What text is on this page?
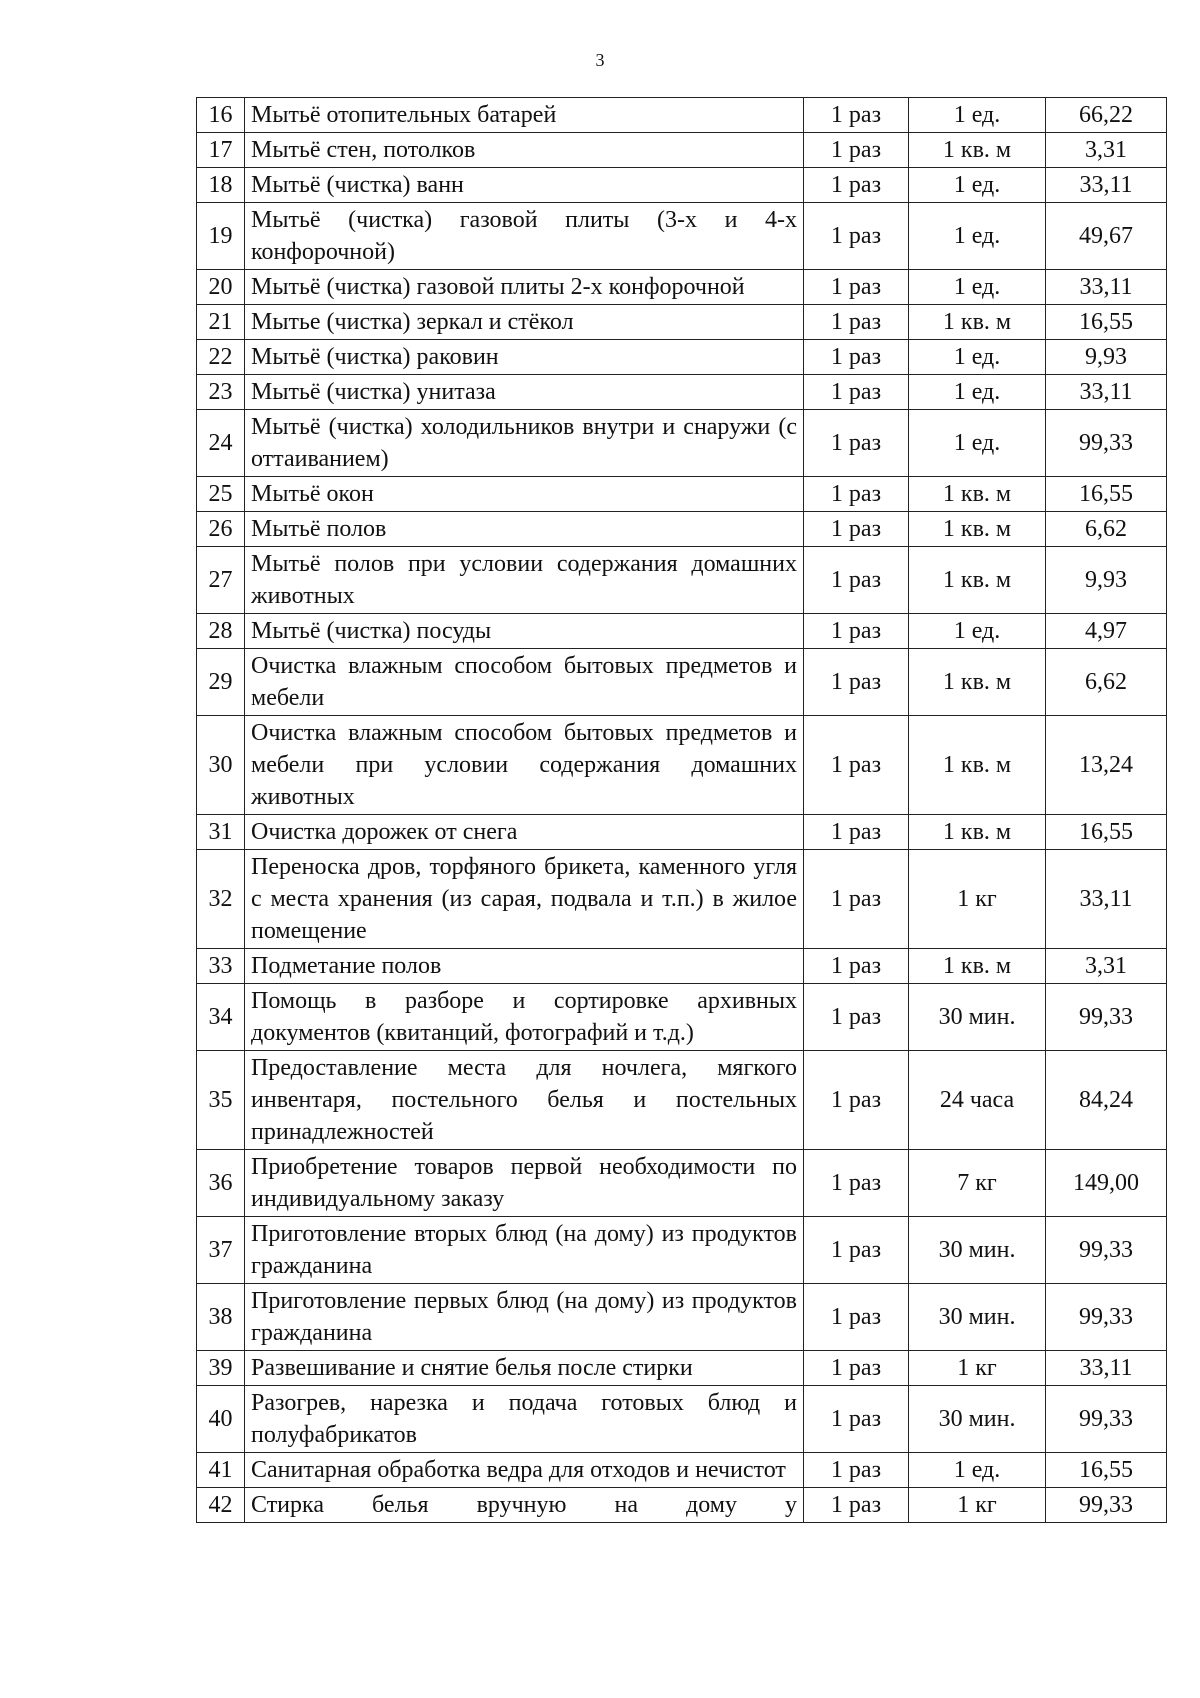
3
16	Мытьё отопительных батарей	1 раз	1 ед.	66,22
17	Мытьё стен, потолков	1 раз	1 кв. м	3,31
18	Мытьё (чистка) ванн	1 раз	1 ед.	33,11
19	Мытьё (чистка) газовой плиты (3-х и 4-х конфорочной)	1 раз	1 ед.	49,67
20	Мытьё (чистка) газовой плиты 2-х конфорочной	1 раз	1 ед.	33,11
21	Мытье (чистка) зеркал и стёкол	1 раз	1 кв. м	16,55
22	Мытьё (чистка) раковин	1 раз	1 ед.	9,93
23	Мытьё (чистка) унитаза	1 раз	1 ед.	33,11
24	Мытьё (чистка) холодильников внутри и снаружи (с оттаиванием)	1 раз	1 ед.	99,33
25	Мытьё окон	1 раз	1 кв. м	16,55
26	Мытьё полов	1 раз	1 кв. м	6,62
27	Мытьё полов при условии содержания домашних животных	1 раз	1 кв. м	9,93
28	Мытьё (чистка) посуды	1 раз	1 ед.	4,97
29	Очистка влажным способом бытовых предметов и мебели	1 раз	1 кв. м	6,62
30	Очистка влажным способом бытовых предметов и мебели при условии содержания домашних животных	1 раз	1 кв. м	13,24
31	Очистка дорожек от снега	1 раз	1 кв. м	16,55
32	Переноска дров, торфяного брикета, каменного угля с места хранения (из сарая, подвала и т.п.) в жилое помещение	1 раз	1 кг	33,11
33	Подметание полов	1 раз	1 кв. м	3,31
34	Помощь в разборе и сортировке архивных документов (квитанций, фотографий и т.д.)	1 раз	30 мин.	99,33
35	Предоставление места для ночлега, мягкого инвентаря, постельного белья и постельных принадлежностей	1 раз	24 часа	84,24
36	Приобретение товаров первой необходимости по индивидуальному заказу	1 раз	7 кг	149,00
37	Приготовление вторых блюд (на дому) из продуктов гражданина	1 раз	30 мин.	99,33
38	Приготовление первых блюд (на дому) из продуктов гражданина	1 раз	30 мин.	99,33
39	Развешивание и снятие белья после стирки	1 раз	1 кг	33,11
40	Разогрев, нарезка и подача готовых блюд и полуфабрикатов	1 раз	30 мин.	99,33
41	Санитарная обработка ведра для отходов и нечистот	1 раз	1 ед.	16,55
42	Стирка белья вручную на дому у	1 раз	1 кг	99,33
